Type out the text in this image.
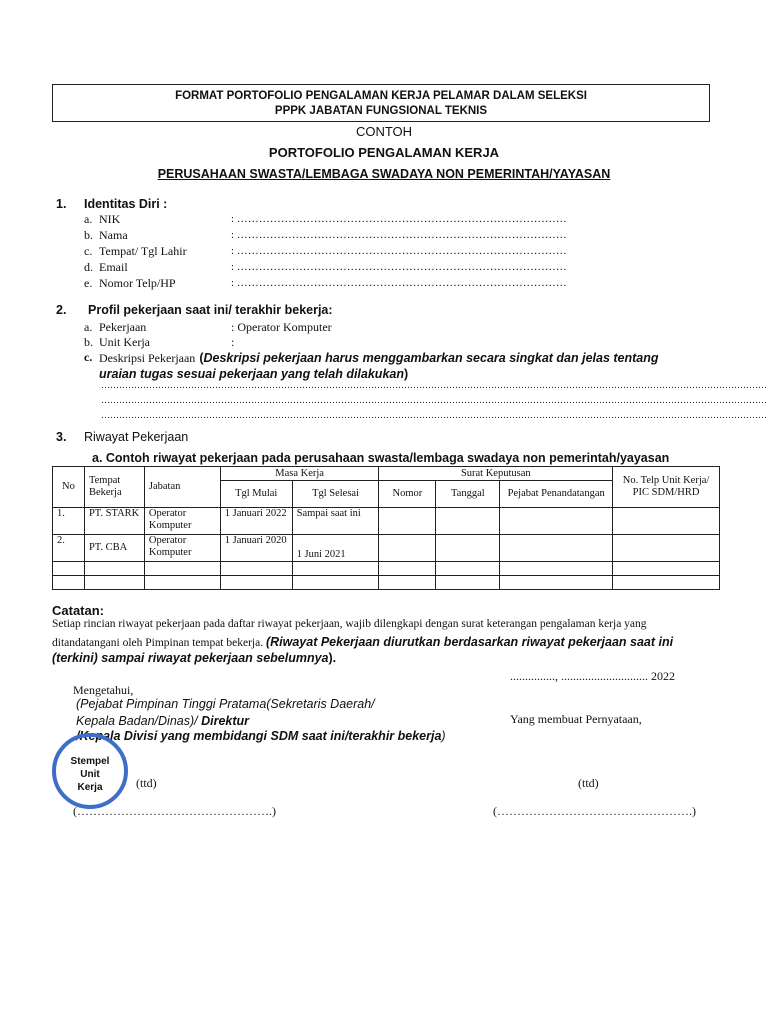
FORMAT PORTOFOLIO PENGALAMAN KERJA PELAMAR DALAM SELEKSI
PPPK JABATAN FUNGSIONAL TEKNIS
CONTOH
PORTOFOLIO PENGALAMAN KERJA
PERUSAHAAN SWASTA/LEMBAGA SWADAYA NON PEMERINTAH/YAYASAN
1. Identitas Diri :
a. NIK	: ………………………………………………………………………………
b. Nama	: ………………………………………………………………………………
c. Tempat/ Tgl Lahir	: ………………………………………………………………………………
d. Email	: ………………………………………………………………………………
e. Nomor Telp/HP	: ………………………………………………………………………………
2. Profil pekerjaan saat ini/ terakhir bekerja:
a. Pekerjaan	: Operator Komputer
b. Unit Kerja	:
c. Deskripsi Pekerjaan (Deskripsi pekerjaan harus menggambarkan secara singkat dan jelas tentang
uraian tugas sesuai pekerjaan yang telah dilakukan)
……………………………………………………………………………………………………………………………………………………………………………………………………
……………………………………………………………………………………………………………………………………………………………………………………………………
……………………………………………………………………………………………………………………………………………………………………………………………………
3. Riwayat Pekerjaan
a. Contoh riwayat pekerjaan pada perusahaan swasta/lembaga swadaya non pemerintah/yayasan
No	Tempat Bekerja	Jabatan	Masa Kerja		Surat Keputusan			No. Telp Unit Kerja/ PIC SDM/HRD
			Tgl Mulai	Tgl Selesai	Nomor	Tanggal	Pejabat Penandatangan	
1.	PT. STARK	Operator Komputer	1 Januari 2022	Sampai saat ini				
2.	PT. CBA	Operator Komputer	1 Januari 2020	1 Juni 2021				

Catatan:
Setiap rincian riwayat pekerjaan pada daftar riwayat pekerjaan, wajib dilengkapi dengan surat keterangan pengalaman kerja yang
ditandatangani oleh Pimpinan tempat bekerja. (Riwayat Pekerjaan diurutkan berdasarkan riwayat pekerjaan saat ini
(terkini) sampai riwayat pekerjaan sebelumnya).
..............., ............................. 2022
Mengetahui,
(Pejabat Pimpinan Tinggi Pratama(Sekretaris Daerah/
Kepala Badan/Dinas)/ Direktur
/Kepala Divisi yang membidangi SDM saat ini/terakhir bekerja)
Yang membuat Pernyataan,
Stempel
Unit
Kerja	(ttd)	(ttd)
(………………………………………….)	(………………………………………….)
